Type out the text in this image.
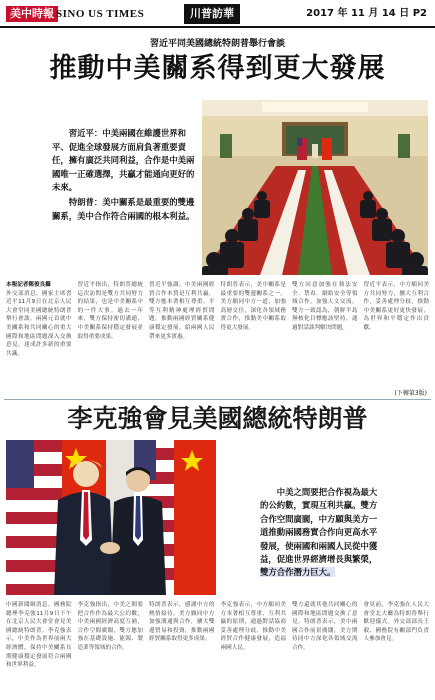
美中時報 SINO US TIMES	川普訪華	2017 年 11 月 14 日 P2
習近平同美國總統特朗普舉行會談
推動中美關系得到更大發展

習近平：中美兩國在維護世界和平、促進全球發展方面肩負著重要責任，擁有廣泛共同利益，合作是中美兩國唯一正確選擇，共贏才能通向更好的未來。

特朗普：美中關系是最重要的雙邊關系，美中合作符合兩國的根本利益。

本報記者鄭俊良攝
外交部消息。國家主席習近平11月9日在北京人民大會堂同美國總統特朗普舉行會談。兩國元首就中美關系和共同關心的重大國際和地區問題深入交換意見，達成許多新的重要共識。
習近平指出，特朗普總統這次訪問是雙方共同努力的結果，也是中美關系中的一件大事。過去一年來，雙方保持密切溝通，中美關系保持穩定發展並取得重要成果。
習近平強調，中美兩國經貿合作本質是互利共贏，雙方應本著相互尊重、平等互利精神處理經貿問題，推動兩國經貿關系健康穩定發展，給兩國人民帶來更多實惠。
特朗普表示，美中關系是最重要的雙邊關系之一。美方願同中方一道，加強高層交往，深化各領域務實合作，推動美中關系取得更大發展。
雙方同意加強在執法安全、禁毒、網絡安全等領域合作，加強人文交流。雙方一致認為，朝鮮半島無核化目標應該堅持，通過對話談判解決問題。
習近平表示，中方願同美方共同努力，擴大互利合作，妥善處理分歧，推動中美關系更好更快發展，為世界和平穩定作出貢獻。
(下轉第3版)
李克強會見美國總統特朗普

中美之間要把合作視為最大的公約數，實現互利共贏。雙方合作空間廣闊，中方願與美方一道推動兩國務實合作向更高水平發展，使兩國和兩國人民從中獲益，促進世界經濟增長與繁榮，雙方合作潛力巨大。

中國新聞網消息。國務院總理李克強11月9日下午在北京人民大會堂會見美國總統特朗普。李克強表示，中美作為世界前兩大經濟體，保持中美關系長期健康穩定發展符合兩國和世界利益。
李克強指出，中美之間要把合作作為最大公約數，中美兩國經濟高度互補，合作空間廣闊，雙方應加強在基礎設施、能源、製造業等領域的合作。
特朗普表示，感謝中方的熱情接待。美方願同中方加強溝通與合作，擴大雙邊貿易和投資，推動兩國經貿關系取得更多成果。
李克強表示，中方願同美方本著相互尊重、互利共贏的原則，通過對話協商妥善處理分歧，推動中美經貿合作健康發展，造福兩國人民。
雙方還就其他共同關心的國際和地區問題交換了意見。特朗普表示，美中兩國合作前景廣闊，美方期待同中方深化各領域交流合作。
會見前，李克強在人民大會堂北大廳為特朗普舉行歡迎儀式。外交部部長王毅、國務院有關部門負責人參加會見。
